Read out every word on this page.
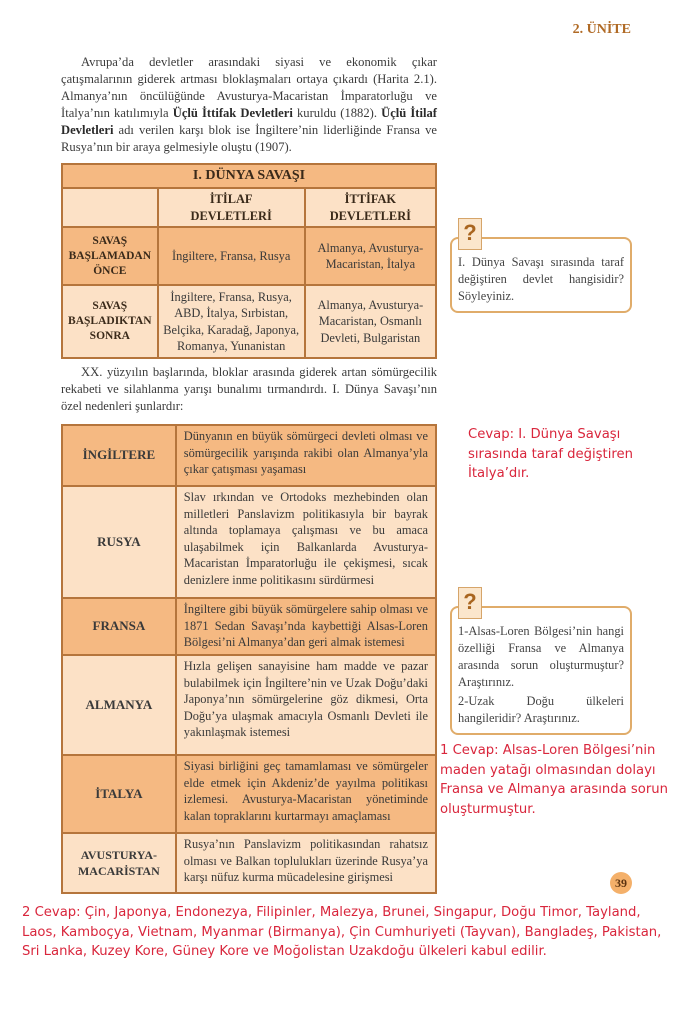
2. ÜNİTE

Avrupa’da devletler arasındaki siyasi ve ekonomik çıkar çatışmalarının giderek artması bloklaşmaları ortaya çıkardı (Harita 2.1). Almanya’nın öncülüğünde Avusturya-Macaristan İmparatorluğu ve İtalya’nın katılımıyla Üçlü İttifak Devletleri kuruldu (1882). Üçlü İtilaf Devletleri adı verilen karşı blok ise İngiltere’nin liderliğinde Fransa ve Rusya’nın bir araya gelmesiyle oluştu (1907).

I. DÜNYA SAVAŞI		
	İTİLAF DEVLETLERİ	İTTİFAK DEVLETLERİ
SAVAŞ BAŞLAMADAN ÖNCE	İngiltere, Fransa, Rusya	Almanya, Avusturya-Macaristan, İtalya
SAVAŞ BAŞLADIKTAN SONRA	İngiltere, Fransa, Rusya, ABD, İtalya, Sırbistan, Belçika, Karadağ, Japonya, Romanya, Yunanistan	Almanya, Avusturya-Macaristan, Osmanlı Devleti, Bulgaristan

XX. yüzyılın başlarında, bloklar arasında giderek artan sömürgecilik rekabeti ve silahlanma yarışı bunalımı tırmandırdı. I. Dünya Savaşı’nın özel nedenleri şunlardır:

İNGİLTERE	Dünyanın en büyük sömürgeci devleti olması ve sömürgecilik yarışında rakibi olan Almanya’yla çıkar çatışması yaşaması
RUSYA	Slav ırkından ve Ortodoks mezhebinden olan milletleri Panslavizm politikasıyla bir bayrak altında toplamaya çalışması ve bu amaca ulaşabilmek için Balkanlarda Avusturya-Macaristan İmparatorluğu ile çekişmesi, sıcak denizlere inme politikasını sürdürmesi
FRANSA	İngiltere gibi büyük sömürgelere sahip olması ve 1871 Sedan Savaşı’nda kaybettiği Alsas-Loren Bölgesi’ni Almanya’dan geri almak istemesi
ALMANYA	Hızla gelişen sanayisine ham madde ve pazar bulabilmek için İngiltere’nin ve Uzak Doğu’daki Japonya’nın sömürgelerine göz dikmesi, Orta Doğu’ya ulaşmak amacıyla Osmanlı Devleti ile yakınlaşmak istemesi
İTALYA	Siyasi birliğini geç tamamlaması ve sömürgeler elde etmek için Akdeniz’de yayılma politikası izlemesi. Avusturya-Macaristan yönetiminde kalan topraklarını kurtarmayı amaçlaması
AVUSTURYA-MACARİSTAN	Rusya’nın Panslavizm politikasından rahatsız olması ve Balkan toplulukları üzerinde Rusya’ya karşı nüfuz kurma mücadelesine girişmesi
I. Dünya Savaşı sırasında taraf değiştiren devlet hangisidir? Söyleyiniz.
?
Cevap: I. Dünya Savaşı sırasında taraf değiştiren İtalya’dır.
1-Alsas-Loren Bölgesi’nin hangi özelliği Fransa ve Almanya arasında sorun oluşturmuştur? Araştırınız.
2-Uzak Doğu ülkeleri hangileridir? Araştırınız.
?
1 Cevap: Alsas-Loren Bölgesi’nin maden yatağı olmasından dolayı Fransa ve Almanya arasında sorun oluşturmuştur.
39
2 Cevap: Çin, Japonya, Endonezya, Filipinler, Malezya, Brunei, Singapur, Doğu Timor, Tayland, Laos, Kamboçya, Vietnam, Myanmar (Birmanya), Çin Cumhuriyeti (Tayvan), Bangladeş, Pakistan, Sri Lanka, Kuzey Kore, Güney Kore ve Moğolistan Uzakdoğu ülkeleri kabul edilir.
